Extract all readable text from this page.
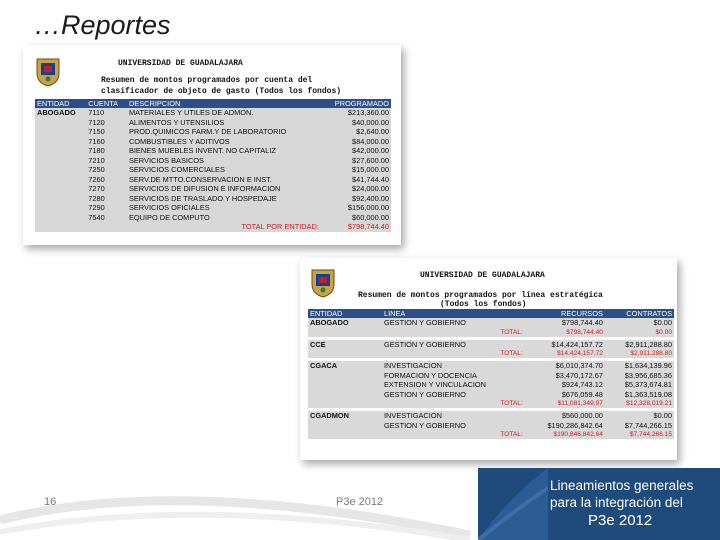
…Reportes
UNIVERSIDAD DE GUADALAJARA
Resumen de montos programados por cuenta del
clasificador de objeto de gasto (Todos los fondos)
ENTIDAD	CUENTA	DESCRIPCION	PROGRAMADO
ABOGADO	7110	MATERIALES Y UTILES DE ADMON.	$213,360.00
	7120	ALIMENTOS Y UTENSILIOS	$40,000.00
	7150	PROD.QUIMICOS FARM.Y DE LABORATORIO	$2,640.00
	7160	COMBUSTIBLES Y ADITIVOS	$84,000.00
	7180	BIENES MUEBLES INVENT. NO CAPITALIZ	$42,000.00
	7210	SERVICIOS BASICOS	$27,600.00
	7250	SERVICIOS COMERCIALES	$15,000.00
	7260	SERV.DE MTTO.CONSERVACION E INST.	$41,744.40
	7270	SERVICIOS DE DIFUSION E INFORMACION	$24,000.00
	7280	SERVICIOS DE TRASLADO Y HOSPEDAJE	$92,400.00
	7290	SERVICIOS OFICIALES	$156,000.00
	7540	EQUIPO DE COMPUTO	$60,000.00
		TOTAL POR ENTIDAD:	$798,744.40
UNIVERSIDAD DE GUADALAJARA
Resumen de montos programados por línea estratégica
(Todos los fondos)
ENTIDAD	LINEA	RECURSOS	CONTRATOS
ABOGADO	GESTION Y GOBIERNO	$798,744.40	$0.00
	TOTAL:	$798,744.40	$0.00

CCE	GESTION Y GOBIERNO	$14,424,157.72	$2,911,288.80
	TOTAL:	$14,424,157.72	$2,911,288.80

CGACA	INVESTIGACION	$6,010,374.70	$1,634,139.96
	FORMACION Y DOCENCIA	$3,470,172.67	$3,956,685.36
	EXTENSION Y VINCULACION	$924,743.12	$5,373,674.81
	GESTION Y GOBIERNO	$676,059.48	$1,363,519.08
	TOTAL:	$11,081,349.97	$12,328,019.21

CGADMON	INVESTIGACION	$560,000.00	$0.00
	GESTION Y GOBIERNO	$190,286,842.64	$7,744,266.15
	TOTAL:	$190,846,842.64	$7,744,266.15
16	P3e 2012
Lineamientos generales
para la integración del
P3e 2012
